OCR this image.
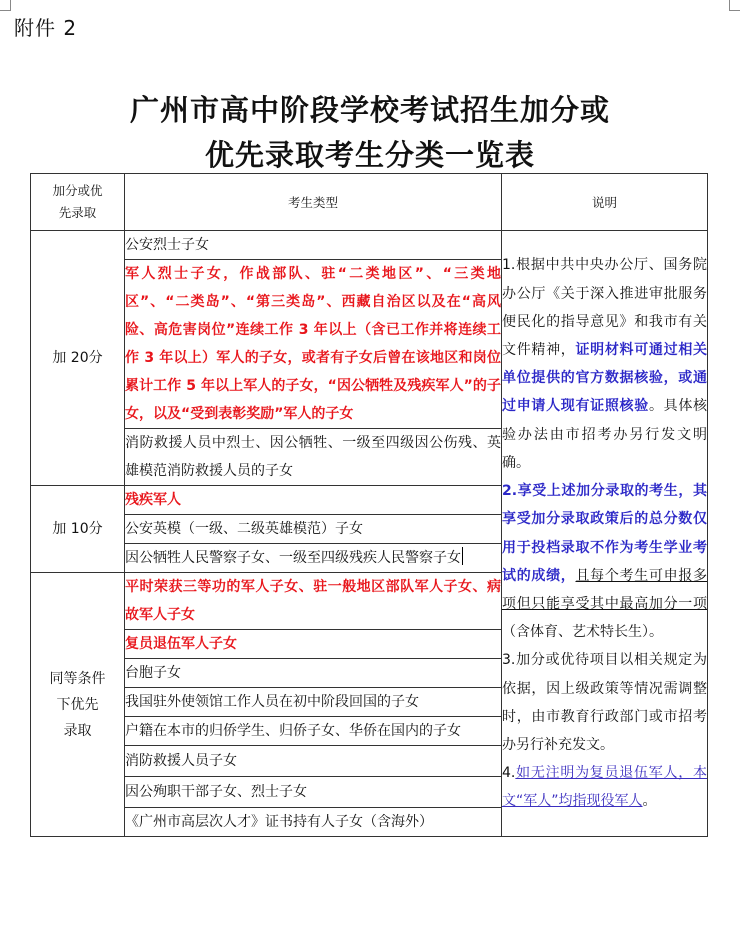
附件 2
广州市高中阶段学校考试招生加分或
优先录取考生分类一览表
加分或优
先录取	考生类型	说明
加 20分	公安烈士子女	1.根据中共中央办公厅、国务院办公厅《关于深入推进审批服务便民化的指导意见》和我市有关文件精神，证明材料可通过相关单位提供的官方数据核验，或通过申请人现有证照核验。具体核验办法由市招考办另行发文明确。
2.享受上述加分录取的考生，其享受加分录取政策后的总分数仅用于投档录取不作为考生学业考试的成绩，且每个考生可申报多项但只能享受其中最高加分一项（含体育、艺术特长生）。
3.加分或优待项目以相关规定为依据，因上级政策等情况需调整时，由市教育行政部门或市招考办另行补充发文。
4.如无注明为复员退伍军人，本文“军人”均指现役军人。
	军人烈士子女，作战部队、驻“二类地区”、“三类地区”、“二类岛”、“第三类岛”、西藏自治区以及在“高风险、高危害岗位”连续工作 3 年以上（含已工作并将连续工作 3 年以上）军人的子女，或者有子女后曾在该地区和岗位累计工作 5 年以上军人的子女，“因公牺牲及残疾军人”的子女，以及“受到表彰奖励”军人的子女	
	消防救援人员中烈士、因公牺牲、一级至四级因公伤残、英雄模范消防救援人员的子女	
加 10分	残疾军人	
	公安英模（一级、二级英雄模范）子女	
	因公牺牲人民警察子女、一级至四级残疾人民警察子女	

同等条件
下优先
录取	平时荣获三等功的军人子女、驻一般地区部队军人子女、病故军人子女	
	复员退伍军人子女	
	台胞子女	
	我国驻外使领馆工作人员在初中阶段回国的子女	
	户籍在本市的归侨学生、归侨子女、华侨在国内的子女	
	消防救援人员子女	
	因公殉职干部子女、烈士子女	
	《广州市高层次人才》证书持有人子女（含海外）	
